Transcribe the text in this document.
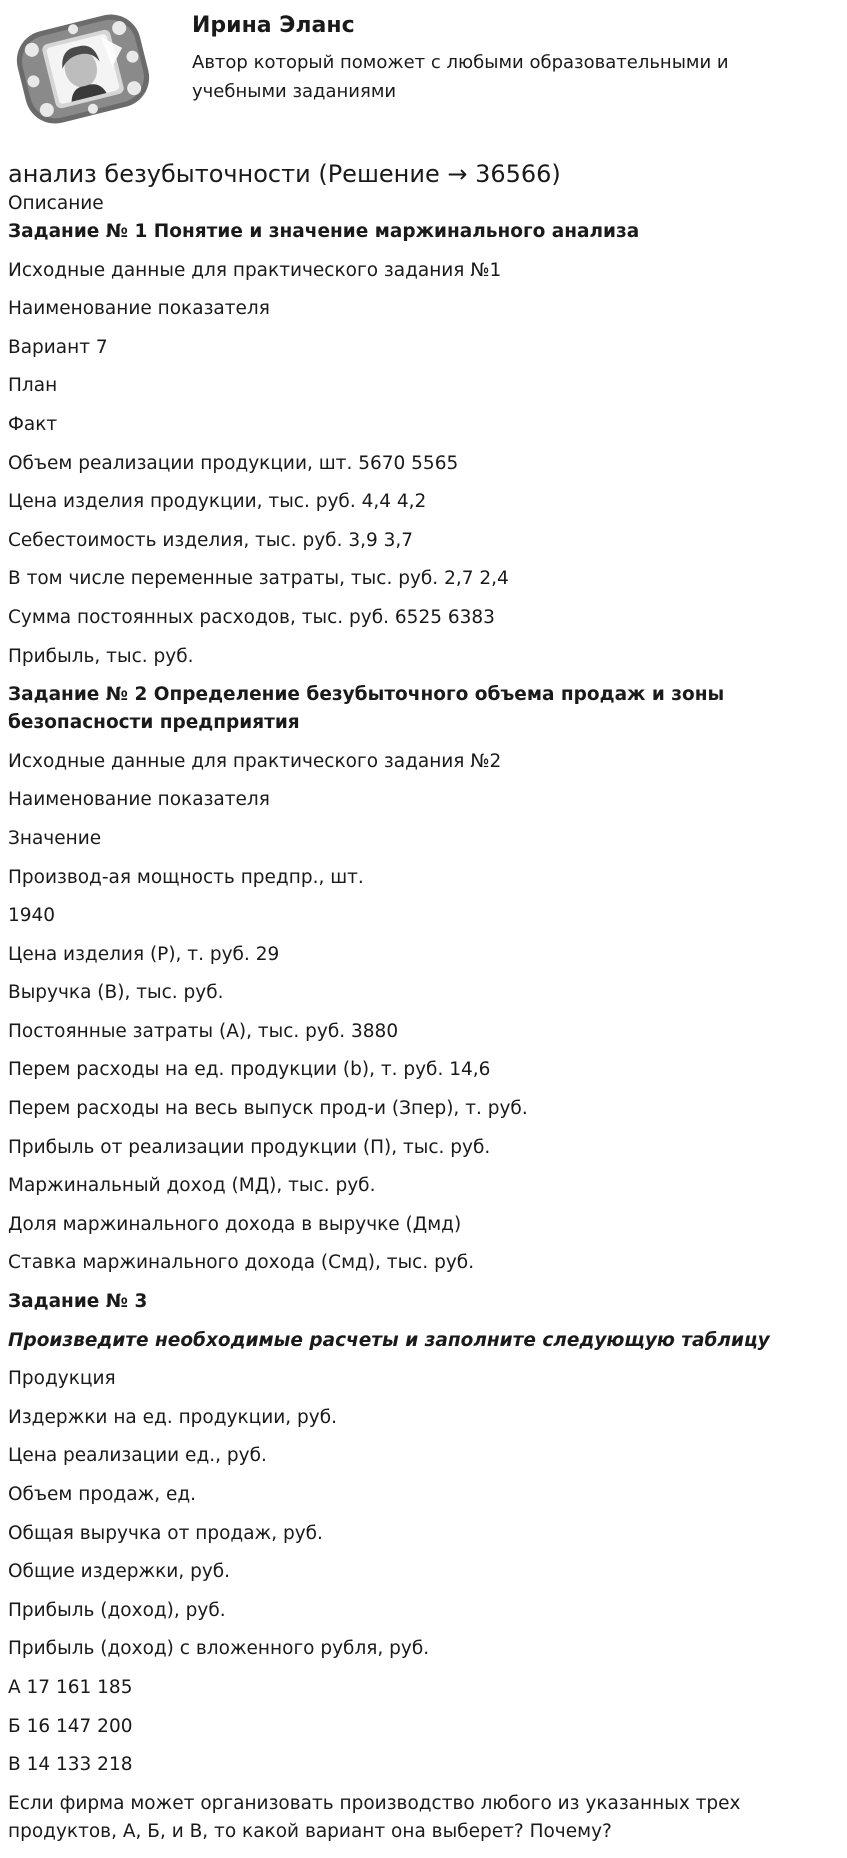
Ирина Эланс
Автор который поможет с любыми образовательными и учебными заданиями
анализ безубыточности (Решение → 36566)
Описание

Задание № 1 Понятие и значение маржинального анализа

Исходные данные для практического задания №1

Наименование показателя

Вариант 7

План

Факт

Объем реализации продукции, шт. 5670 5565

Цена изделия продукции, тыс. руб. 4,4 4,2

Себестоимость изделия, тыс. руб. 3,9 3,7

В том числе переменные затраты, тыс. руб. 2,7 2,4

Сумма постоянных расходов, тыс. руб. 6525 6383

Прибыль, тыс. руб.

Задание № 2 Определение безубыточного объема продаж и зоны безопасности предприятия

Исходные данные для практического задания №2

Наименование показателя

Значение

Производ-ая мощность предпр., шт.

1940

Цена изделия (Р), т. руб. 29

Выручка (В), тыс. руб.

Постоянные затраты (А), тыс. руб. 3880

Перем расходы на ед. продукции (b), т. руб. 14,6

Перем расходы на весь выпуск прод-и (Зпер), т. руб.

Прибыль от реализации продукции (П), тыс. руб.

Маржинальный доход (МД), тыс. руб.

Доля маржинального дохода в выручке (Дмд)

Ставка маржинального дохода (Смд), тыс. руб.

Задание № 3

Произведите необходимые расчеты и заполните следующую таблицу

Продукция

Издержки на ед. продукции, руб.

Цена реализации ед., руб.

Объем продаж, ед.

Общая выручка от продаж, руб.

Общие издержки, руб.

Прибыль (доход), руб.

Прибыль (доход) с вложенного рубля, руб.

А 17 161 185

Б 16 147 200

В 14 133 218

Если фирма может организовать производство любого из указанных трех продуктов, А, Б, и В, то какой вариант она выберет? Почему?
